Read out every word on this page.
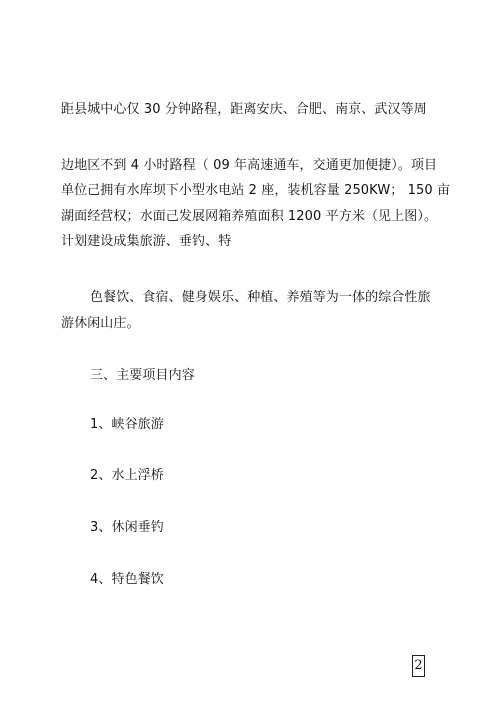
距县城中心仅 30 分钟路程，距离安庆、合肥、南京、武汉等周
边地区不到 4 小时路程（ 09 年高速通车，交通更加便捷）。项目
单位己拥有水库坝下小型水电站 2 座，装机容量 250KW； 150 亩
湖面经营权；水面己发展网箱养殖面积 1200 平方米（见上图）。
计划建设成集旅游、垂钓、特
色餐饮、食宿、健身娱乐、种植、养殖等为一体的综合性旅
游休闲山庄。
三、主要项目内容
1、峡谷旅游
2、水上浮桥
3、休闲垂钓
4、特色餐饮
2
